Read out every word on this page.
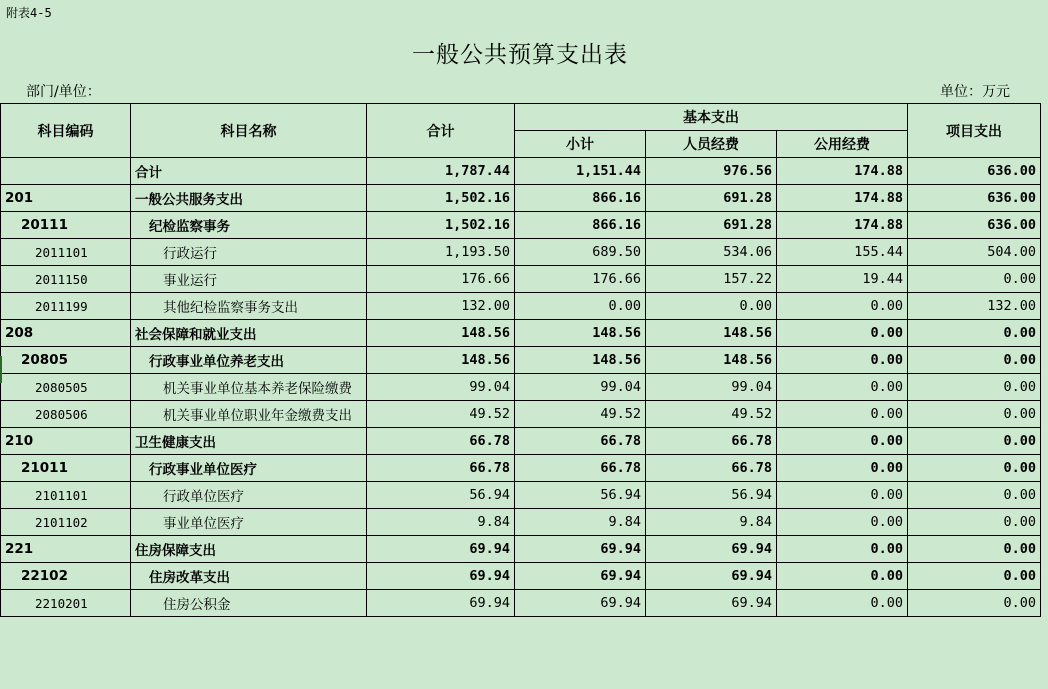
附表4-5
一般公共预算支出表
部门/单位：	单位：万元
科目编码	科目名称	合计	基本支出			项目支出
			小计	人员经费	公用经费	
	合计	1,787.44	1,151.44	976.56	174.88	636.00
201	一般公共服务支出	1,502.16	866.16	691.28	174.88	636.00
20111	纪检监察事务	1,502.16	866.16	691.28	174.88	636.00
2011101	行政运行	1,193.50	689.50	534.06	155.44	504.00
2011150	事业运行	176.66	176.66	157.22	19.44	0.00
2011199	其他纪检监察事务支出	132.00	0.00	0.00	0.00	132.00
208	社会保障和就业支出	148.56	148.56	148.56	0.00	0.00
20805	行政事业单位养老支出	148.56	148.56	148.56	0.00	0.00
2080505	机关事业单位基本养老保险缴费	99.04	99.04	99.04	0.00	0.00
2080506	机关事业单位职业年金缴费支出	49.52	49.52	49.52	0.00	0.00
210	卫生健康支出	66.78	66.78	66.78	0.00	0.00
21011	行政事业单位医疗	66.78	66.78	66.78	0.00	0.00
2101101	行政单位医疗	56.94	56.94	56.94	0.00	0.00
2101102	事业单位医疗	9.84	9.84	9.84	0.00	0.00
221	住房保障支出	69.94	69.94	69.94	0.00	0.00
22102	住房改革支出	69.94	69.94	69.94	0.00	0.00
2210201	住房公积金	69.94	69.94	69.94	0.00	0.00
